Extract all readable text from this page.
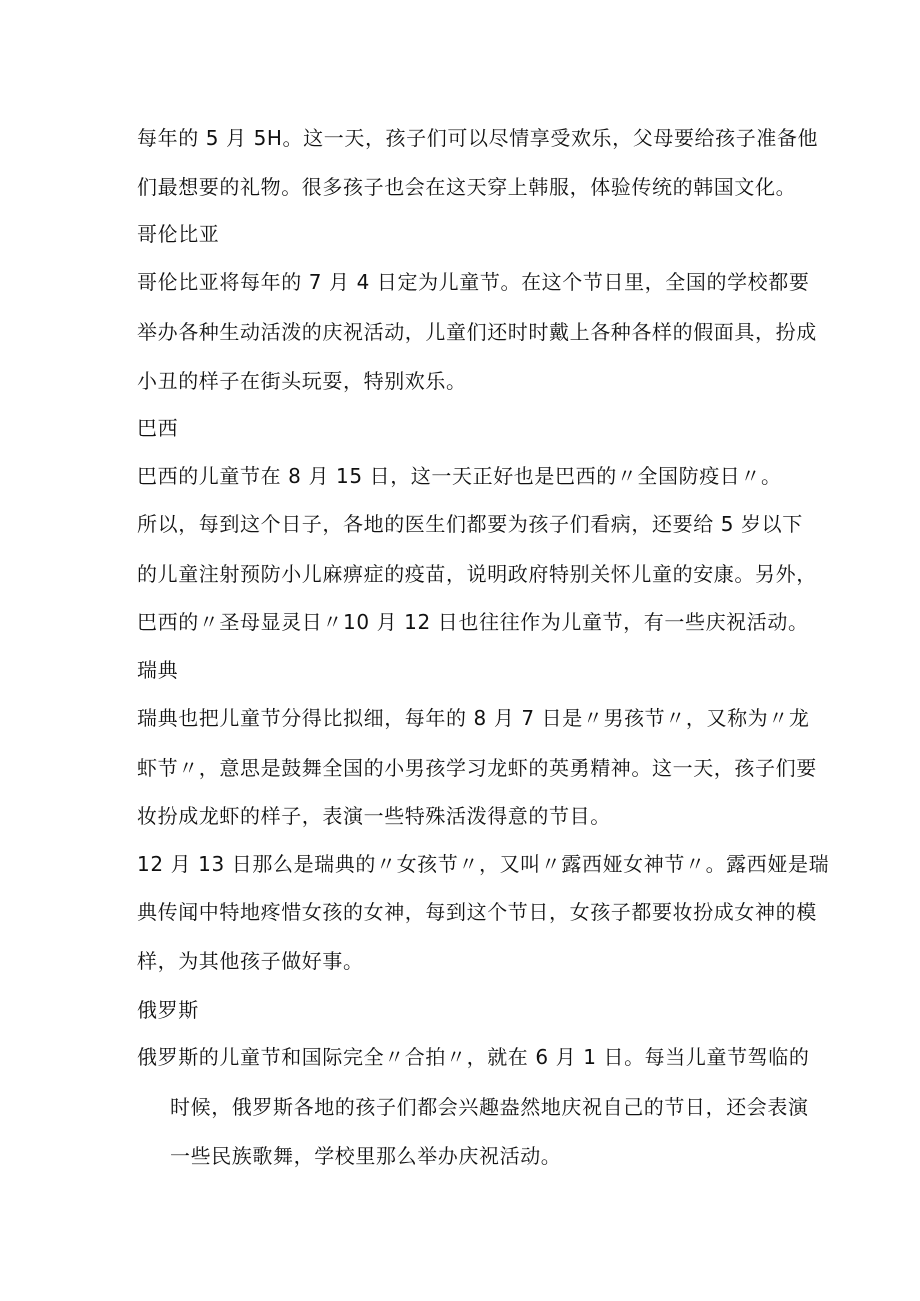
每年的 5 月 5H。这一天，孩子们可以尽情享受欢乐，父母要给孩子准备他
们最想要的礼物。很多孩子也会在这天穿上韩服，体验传统的韩国文化。
哥伦比亚
哥伦比亚将每年的 7 月 4 日定为儿童节。在这个节日里，全国的学校都要
举办各种生动活泼的庆祝活动，儿童们还时时戴上各种各样的假面具，扮成
小丑的样子在街头玩耍，特别欢乐。
巴西
巴西的儿童节在 8 月 15 日，这一天正好也是巴西的〃全国防疫日〃。
所以，每到这个日子，各地的医生们都要为孩子们看病，还要给 5 岁以下
的儿童注射预防小儿麻痹症的疫苗，说明政府特别关怀儿童的安康。另外，
巴西的〃圣母显灵日〃10 月 12 日也往往作为儿童节，有一些庆祝活动。
瑞典
瑞典也把儿童节分得比拟细，每年的 8 月 7 日是〃男孩节〃，又称为〃龙
虾节〃，意思是鼓舞全国的小男孩学习龙虾的英勇精神。这一天，孩子们要
妆扮成龙虾的样子，表演一些特殊活泼得意的节目。
12 月 13 日那么是瑞典的〃女孩节〃，又叫〃露西娅女神节〃。露西娅是瑞
典传闻中特地疼惜女孩的女神，每到这个节日，女孩子都要妆扮成女神的模
样，为其他孩子做好事。
俄罗斯
俄罗斯的儿童节和国际完全〃合拍〃，就在 6 月 1 日。每当儿童节驾临的
时候，俄罗斯各地的孩子们都会兴趣盎然地庆祝自己的节日，还会表演
一些民族歌舞，学校里那么举办庆祝活动。
